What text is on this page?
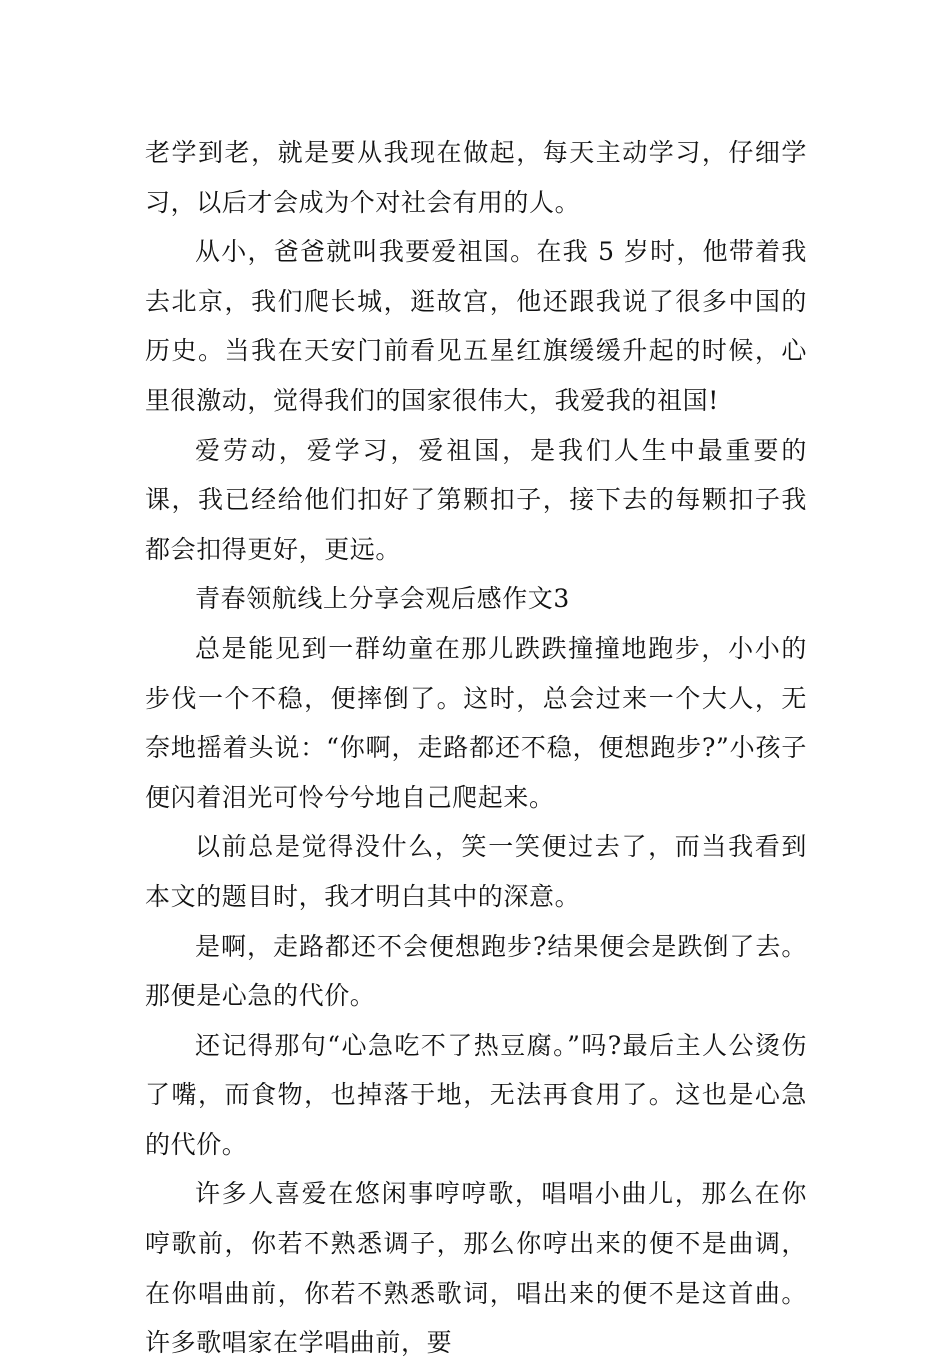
老学到老，就是要从我现在做起，每天主动学习，仔细学习，以后才会成为个对社会有用的人。

从小，爸爸就叫我要爱祖国。在我 5 岁时，他带着我去北京，我们爬长城，逛故宫，他还跟我说了很多中国的历史。当我在天安门前看见五星红旗缓缓升起的时候，心里很激动，觉得我们的国家很伟大，我爱我的祖国!

爱劳动，爱学习，爱祖国，是我们人生中最重要的课，我已经给他们扣好了第颗扣子，接下去的每颗扣子我都会扣得更好，更远。

青春领航线上分享会观后感作文3

总是能见到一群幼童在那儿跌跌撞撞地跑步，小小的步伐一个不稳，便摔倒了。这时，总会过来一个大人，无奈地摇着头说：“你啊，走路都还不稳，便想跑步?”小孩子便闪着泪光可怜兮兮地自己爬起来。

以前总是觉得没什么，笑一笑便过去了，而当我看到本文的题目时，我才明白其中的深意。

是啊，走路都还不会便想跑步?结果便会是跌倒了去。那便是心急的代价。

还记得那句“心急吃不了热豆腐。”吗?最后主人公烫伤了嘴，而食物，也掉落于地，无法再食用了。这也是心急的代价。

许多人喜爱在悠闲事哼哼歌，唱唱小曲儿，那么在你哼歌前，你若不熟悉调子，那么你哼出来的便不是曲调，在你唱曲前，你若不熟悉歌词，唱出来的便不是这首曲。许多歌唱家在学唱曲前，要
